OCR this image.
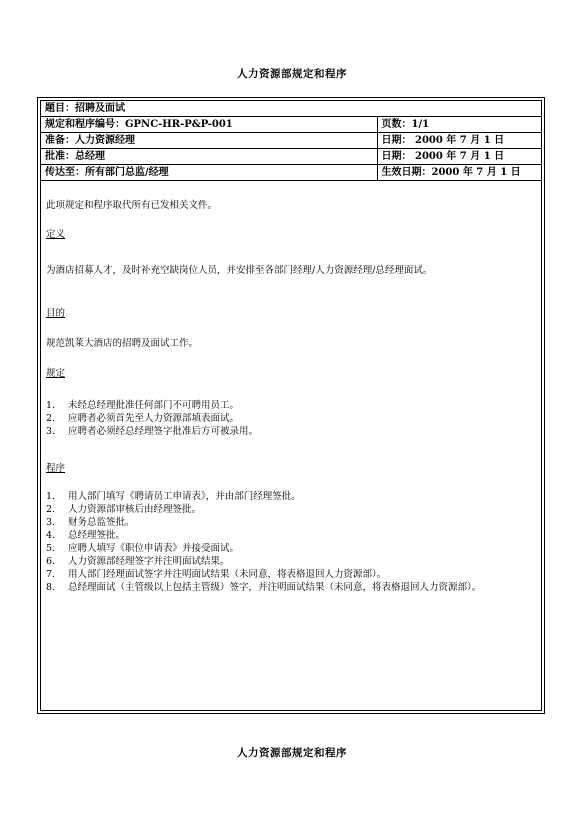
人力资源部规定和程序
题目：招聘及面试	
规定和程序编号：GPNC-HR-P&P-001	页数：1/1
准备：人力资源经理	日期： 2000 年 7 月 1 日
批准：总经理	日期： 2000 年 7 月 1 日
传达至：所有部门总监/经理	生效日期：2000 年 7 月 1 日
此项规定和程序取代所有已发相关文件。
定义
为酒店招募人才，及时补充空缺岗位人员，并安排至各部门经理/人力资源经理/总经理面试。
目的
规范凯莱大酒店的招聘及面试工作。
规定
1. 未经总经理批准任何部门不可聘用员工。
2. 应聘者必须首先至人力资源部填表面试。
3. 应聘者必须经总经理签字批准后方可被录用。
程序
1. 用人部门填写《聘请员工申请表》，并由部门经理签批。
2. 人力资源部审核后由经理签批。
3. 财务总监签批。
4. 总经理签批。
5. 应聘人填写《职位申请表》并接受面试。
6. 人力资源部经理签字并注明面试结果。
7. 用人部门经理面试签字并注明面试结果（未同意，将表格退回人力资源部）。
8. 总经理面试（主管级以上包括主管级）签字，并注明面试结果（未同意，将表格退回人力资源部）。
人力资源部规定和程序
